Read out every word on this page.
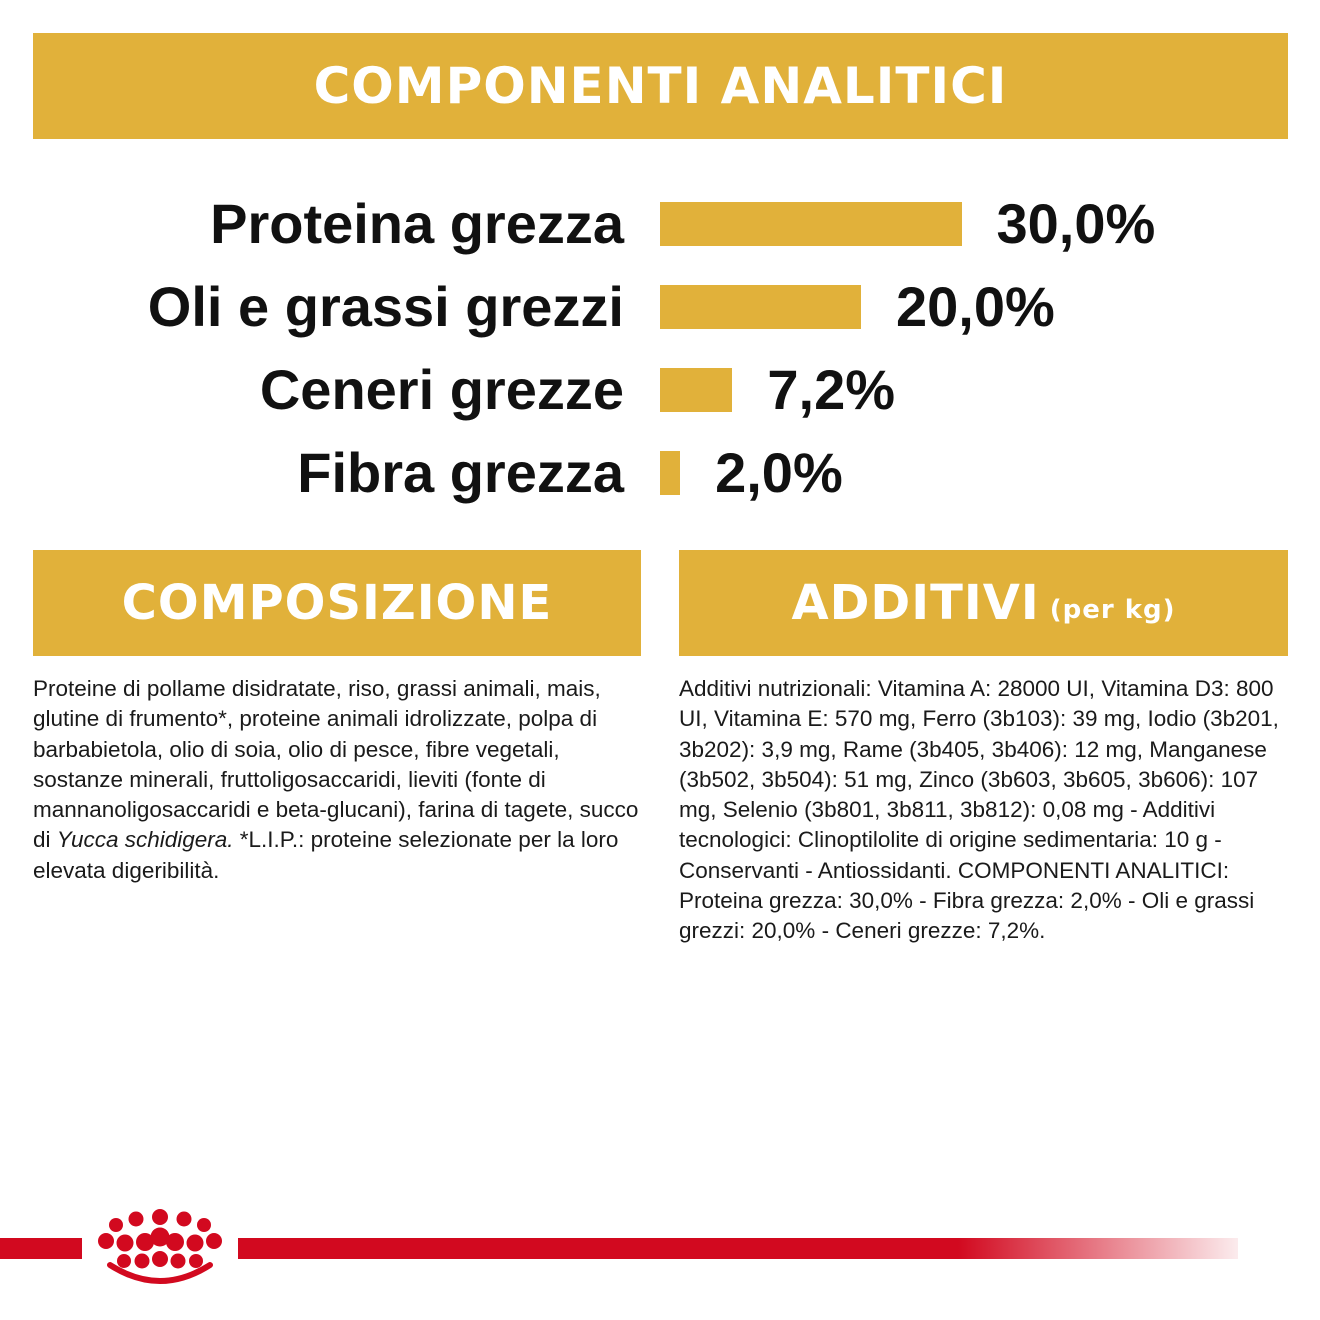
COMPONENTI ANALITICI
Proteina grezza	30,0%
Oli e grassi grezzi	20,0%
Ceneri grezze	7,2%
Fibra grezza 2,0%
COMPOSIZIONE	ADDITIVI (per kg)
Proteine di pollame disidratate, riso, grassi animali, mais, glutine di frumento*, proteine animali idrolizzate, polpa di barbabietola, olio di soia, olio di pesce, fibre vegetali, sostanze minerali, fruttoligosaccaridi, lieviti (fonte di mannanoligosaccaridi e beta-glucani), farina di tagete, succo di Yucca schidigera. *L.I.P.: proteine selezionate per la loro elevata digeribilità.
Additivi nutrizionali: Vitamina A: 28000 UI, Vitamina D3: 800 UI, Vitamina E: 570 mg, Ferro (3b103): 39 mg, Iodio (3b201, 3b202): 3,9 mg, Rame (3b405, 3b406): 12 mg, Manganese (3b502, 3b504): 51 mg, Zinco (3b603, 3b605, 3b606): 107 mg, Selenio (3b801, 3b811, 3b812): 0,08 mg - Additivi tecnologici: Clinoptilolite di origine sedimentaria: 10 g - Conservanti - Antiossidanti. COMPONENTI ANALITICI: Proteina grezza: 30,0% - Fibra grezza: 2,0% - Oli e grassi grezzi: 20,0% - Ceneri grezze: 7,2%.
